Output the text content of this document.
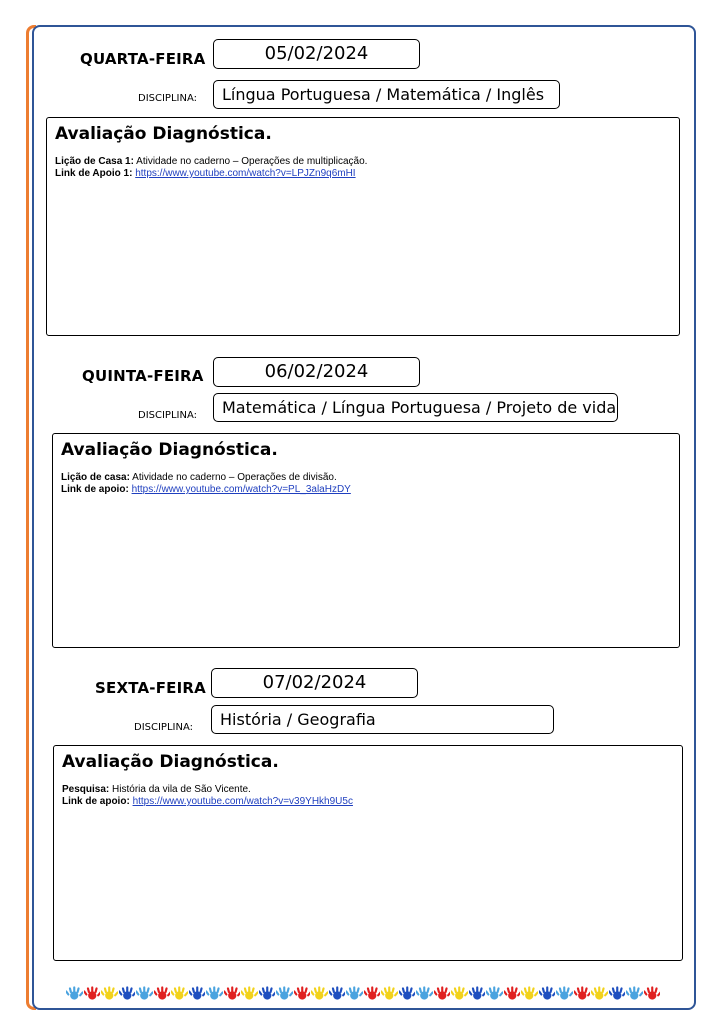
QUARTA-FEIRA	05/02/2024
DISCIPLINA:	Língua Portuguesa / Matemática / Inglês
Avaliação Diagnóstica.
Lição de Casa 1: Atividade no caderno – Operações de multiplicação.
Link de Apoio 1: https://www.youtube.com/watch?v=LPJZn9q6mHI
QUINTA-FEIRA	06/02/2024
DISCIPLINA:	Matemática / Língua Portuguesa / Projeto de vida
Avaliação Diagnóstica.
Lição de casa: Atividade no caderno – Operações de divisão.
Link de apoio: https://www.youtube.com/watch?v=PL_3alaHzDY
SEXTA-FEIRA	07/02/2024
DISCIPLINA:	História / Geografia
Avaliação Diagnóstica.
Pesquisa: História da vila de São Vicente.
Link de apoio: https://www.youtube.com/watch?v=v39YHkh9U5c
